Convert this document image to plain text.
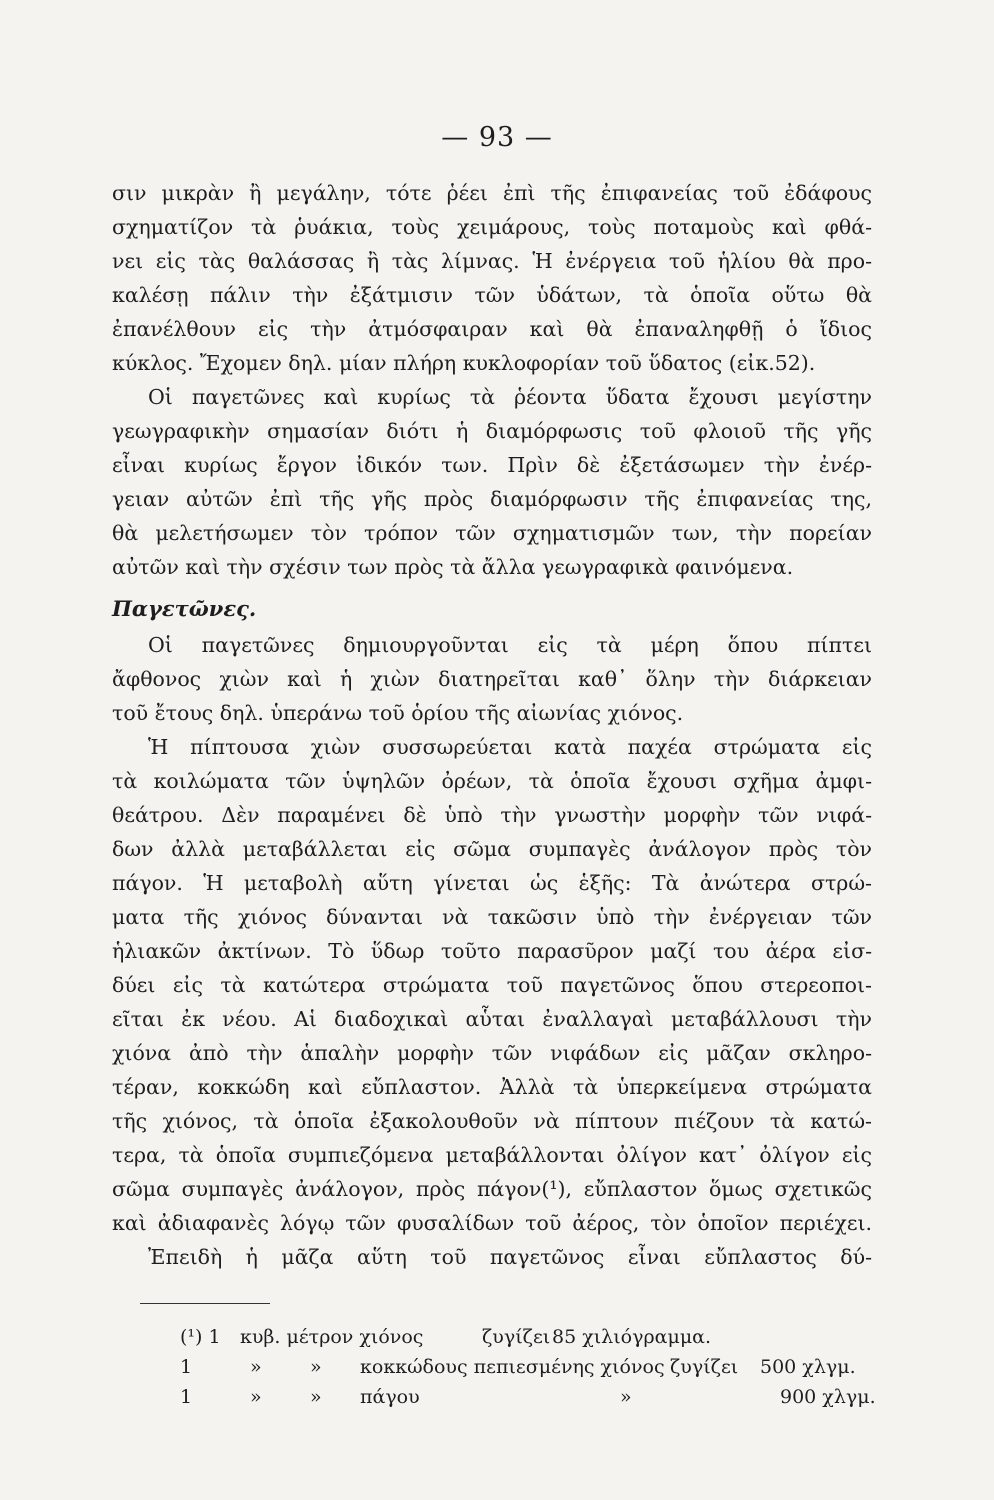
— 93 —
σιν μικρὰν ἢ μεγάλην, τότε ῥέει ἐπὶ τῆς ἐπιφανείας τοῦ ἐδάφους
σχηματίζον τὰ ῥυάκια, τοὺς χειμάρους, τοὺς ποταμοὺς καὶ φθά-
νει εἰς τὰς θαλάσσας ἢ τὰς λίμνας. Ἡ ἐνέργεια τοῦ ἡλίου θὰ προ-
καλέσῃ πάλιν τὴν ἐξάτμισιν τῶν ὑδάτων, τὰ ὁποῖα οὕτω θὰ
ἐπανέλθουν εἰς τὴν ἀτμόσφαιραν καὶ θὰ ἐπαναληφθῇ ὁ ἴδιος
κύκλος. Ἔχομεν δηλ. μίαν πλήρη κυκλοφορίαν τοῦ ὕδατος (εἰκ.52).
Οἱ παγετῶνες καὶ κυρίως τὰ ῥέοντα ὕδατα ἔχουσι μεγίστην
γεωγραφικὴν σημασίαν διότι ἡ διαμόρφωσις τοῦ φλοιοῦ τῆς γῆς
εἶναι κυρίως ἔργον ἰδικόν των. Πρὶν δὲ ἐξετάσωμεν τὴν ἐνέρ-
γειαν αὐτῶν ἐπὶ τῆς γῆς πρὸς διαμόρφωσιν τῆς ἐπιφανείας της,
θὰ μελετήσωμεν τὸν τρόπον τῶν σχηματισμῶν των, τὴν πορείαν
αὐτῶν καὶ τὴν σχέσιν των πρὸς τὰ ἄλλα γεωγραφικὰ φαινόμενα.
Παγετῶνες.
Οἱ παγετῶνες δημιουργοῦνται εἰς τὰ μέρη ὅπου πίπτει
ἄφθονος χιὼν καὶ ἡ χιὼν διατηρεῖται καθ᾽ ὅλην τὴν διάρκειαν
τοῦ ἔτους δηλ. ὑπεράνω τοῦ ὁρίου τῆς αἰωνίας χιόνος.
Ἡ πίπτουσα χιὼν συσσωρεύεται κατὰ παχέα στρώματα εἰς
τὰ κοιλώματα τῶν ὑψηλῶν ὀρέων, τὰ ὁποῖα ἔχουσι σχῆμα ἀμφι-
θεάτρου. Δὲν παραμένει δὲ ὑπὸ τὴν γνωστὴν μορφὴν τῶν νιφά-
δων ἀλλὰ μεταβάλλεται εἰς σῶμα συμπαγὲς ἀνάλογον πρὸς τὸν
πάγον. Ἡ μεταβολὴ αὕτη γίνεται ὡς ἑξῆς: Τὰ ἀνώτερα στρώ-
ματα τῆς χιόνος δύνανται νὰ τακῶσιν ὑπὸ τὴν ἐνέργειαν τῶν
ἡλιακῶν ἀκτίνων. Τὸ ὕδωρ τοῦτο παρασῦρον μαζί του ἀέρα εἰσ-
δύει εἰς τὰ κατώτερα στρώματα τοῦ παγετῶνος ὅπου στερεοποι-
εῖται ἐκ νέου. Αἱ διαδοχικαὶ αὗται ἐναλλαγαὶ μεταβάλλουσι τὴν
χιόνα ἀπὸ τὴν ἁπαλὴν μορφὴν τῶν νιφάδων εἰς μᾶζαν σκληρο-
τέραν, κοκκώδη καὶ εὔπλαστον. Ἀλλὰ τὰ ὑπερκείμενα στρώματα
τῆς χιόνος, τὰ ὁποῖα ἐξακολουθοῦν νὰ πίπτουν πιέζουν τὰ κατώ-
τερα, τὰ ὁποῖα συμπιεζόμενα μεταβάλλονται ὀλίγον κατ᾽ ὀλίγον εἰς
σῶμα συμπαγὲς ἀνάλογον, πρὸς πάγον(¹), εὔπλαστον ὅμως σχετικῶς
καὶ ἀδιαφανὲς λόγῳ τῶν φυσαλίδων τοῦ ἀέρος, τὸν ὁποῖον περιέχει.
Ἐπειδὴ ἡ μᾶζα αὕτη τοῦ παγετῶνος εἶναι εὔπλαστος δύ-
(¹) 1 κυβ. μέτρον χιόνος	ζυγίζει 85 χιλιόγραμμα.
1	»	» κοκκώδους πεπιεσμένης χιόνος ζυγίζει 500 χλγμ.
1	»	» πάγου	»	900 χλγμ.
